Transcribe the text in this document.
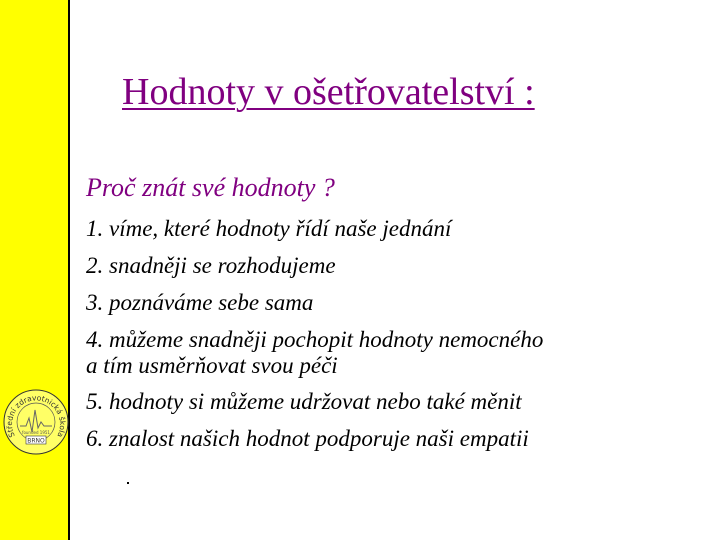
Střední zdravotnická škola
founded 1951
BRNO
Hodnoty v ošetřovatelství :

Proč znát své hodnoty ?

1. víme, které hodnoty řídí naše jednání
2. snadněji se rozhodujeme
3. poznáváme sebe sama
4. můžeme snadněji pochopit hodnoty nemocného
a tím usměrňovat svou péči
5. hodnoty si můžeme udržovat nebo také měnit
6. znalost našich hodnot podporuje naši empatii
